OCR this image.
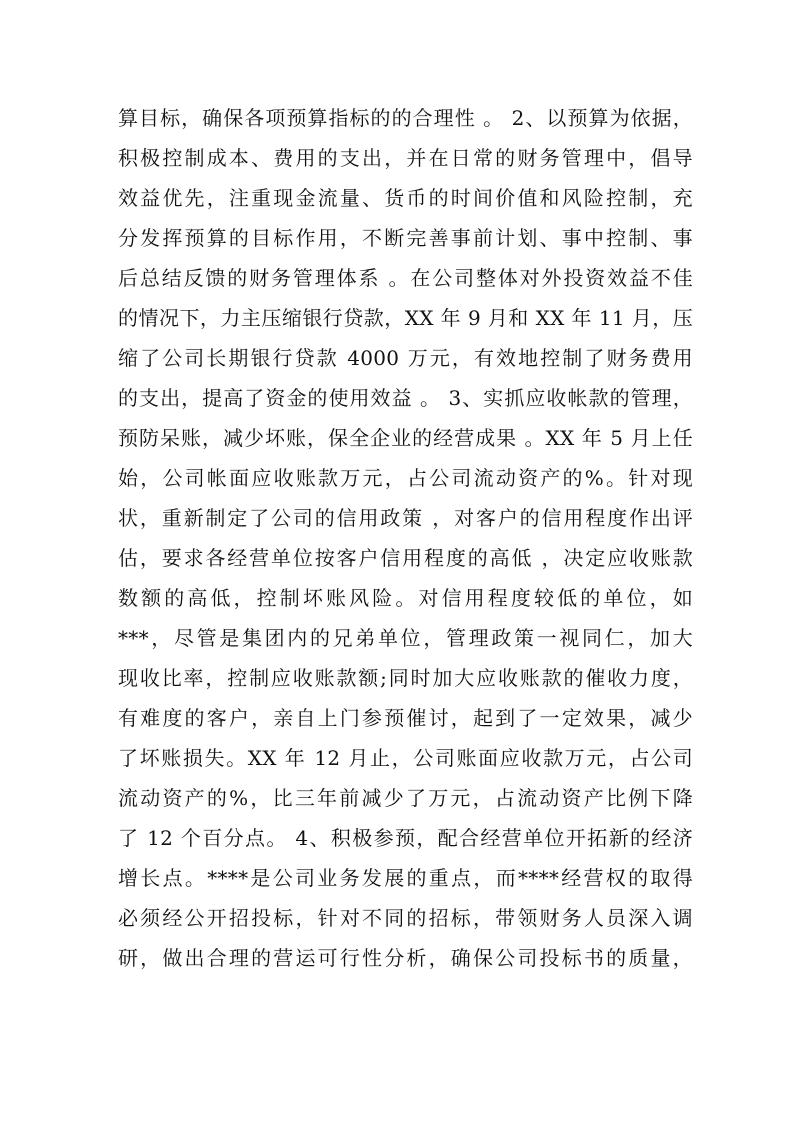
算目标，确保各项预算指标的的合理性 。 2、以预算为依据，
积极控制成本、费用的支出，并在日常的财务管理中，倡导
效益优先，注重现金流量、货币的时间价值和风险控制，充
分发挥预算的目标作用，不断完善事前计划、事中控制、事
后总结反馈的财务管理体系 。在公司整体对外投资效益不佳
的情况下，力主压缩银行贷款，XX 年 9 月和 XX 年 11 月，压
缩了公司长期银行贷款 4000 万元，有效地控制了财务费用
的支出，提高了资金的使用效益 。 3、实抓应收帐款的管理，
预防呆账，减少坏账，保全企业的经营成果 。XX 年 5 月上任
始，公司帐面应收账款万元，占公司流动资产的%。针对现
状，重新制定了公司的信用政策 ，对客户的信用程度作出评
估，要求各经营单位按客户信用程度的高低 ，决定应收账款
数额的高低，控制坏账风险。对信用程度较低的单位，如
***，尽管是集团内的兄弟单位，管理政策一视同仁，加大
现收比率，控制应收账款额;同时加大应收账款的催收力度，
有难度的客户，亲自上门参预催讨，起到了一定效果，减少
了坏账损失。XX 年 12 月止，公司账面应收款万元，占公司
流动资产的%，比三年前减少了万元，占流动资产比例下降
了 12 个百分点。 4、积极参预，配合经营单位开拓新的经济
增长点。****是公司业务发展的重点，而****经营权的取得
必须经公开招投标，针对不同的招标，带领财务人员深入调
研，做出合理的营运可行性分析，确保公司投标书的质量，
